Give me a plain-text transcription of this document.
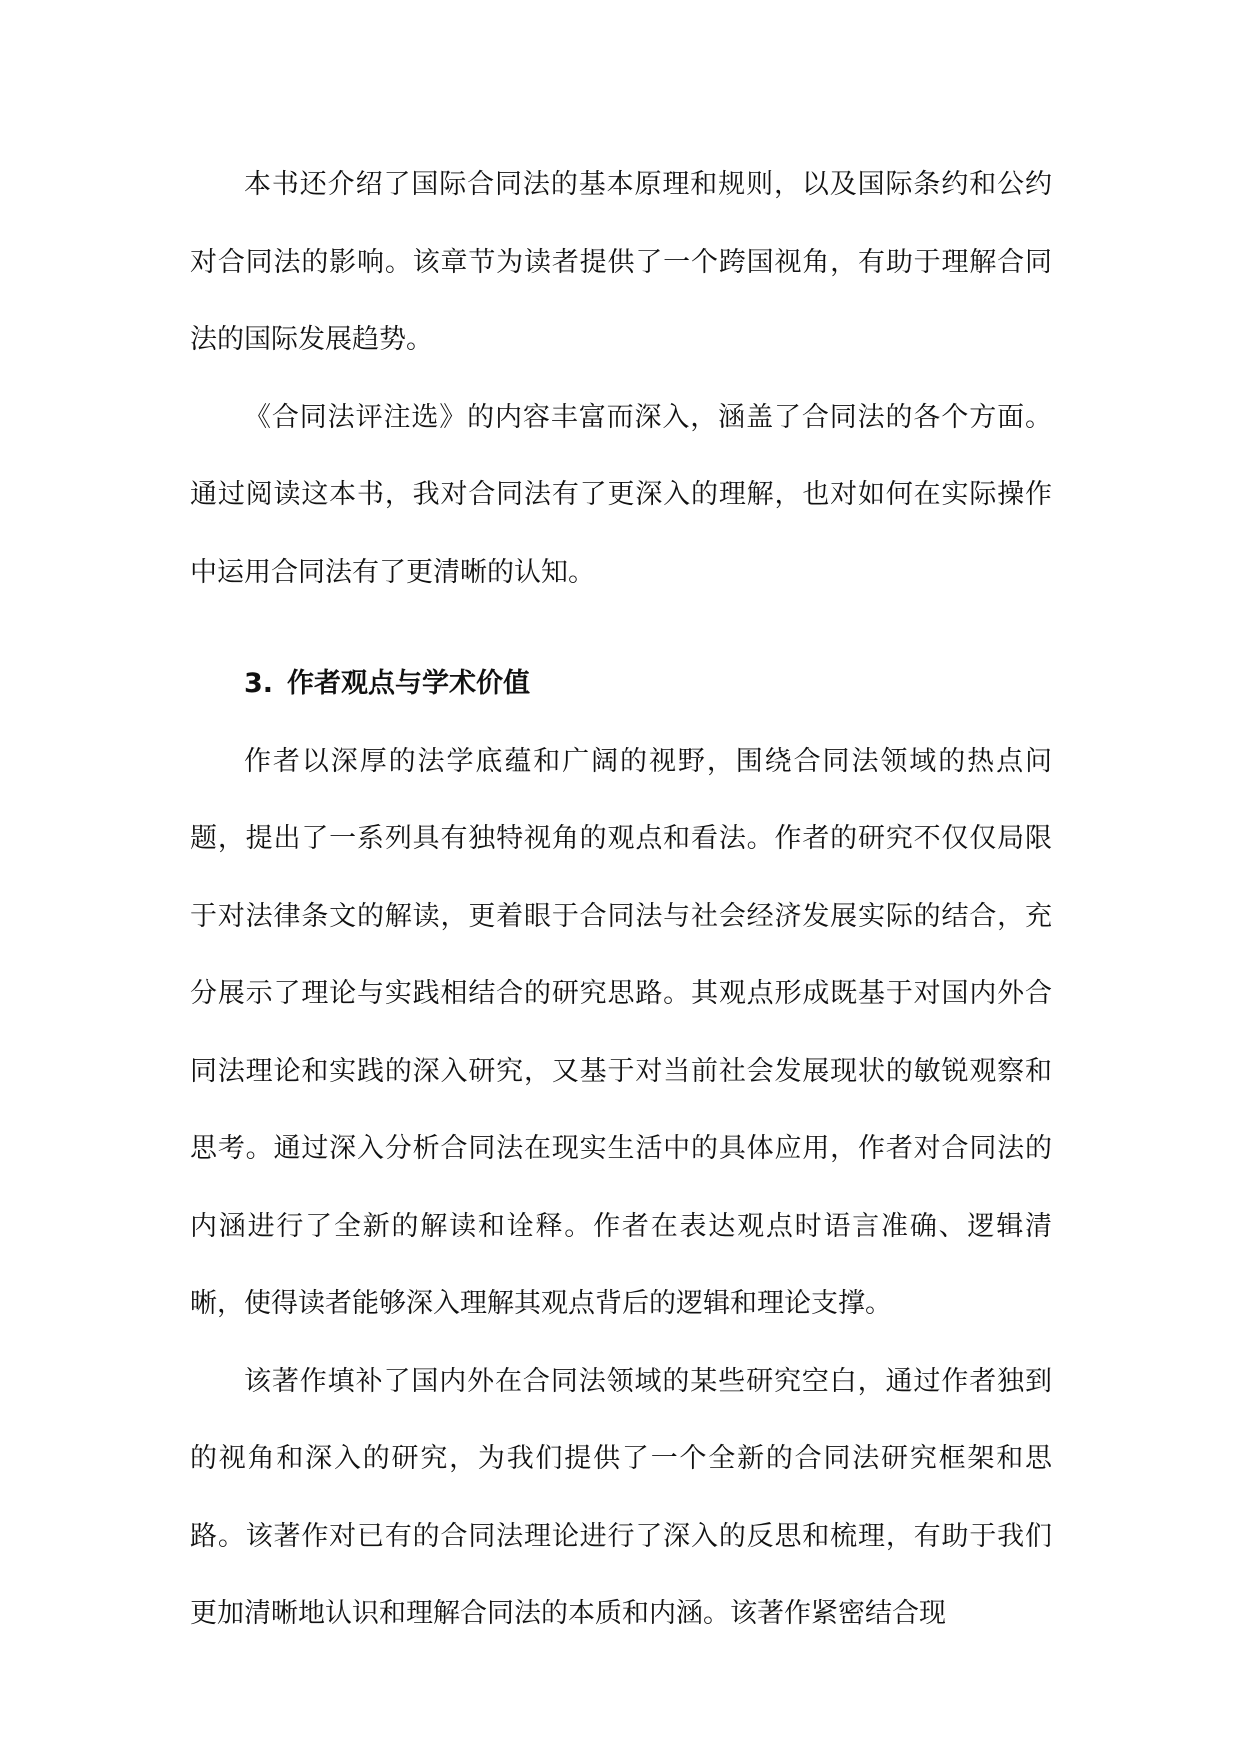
本书还介绍了国际合同法的基本原理和规则，以及国际条约和公约对合同法的影响。该章节为读者提供了一个跨国视角，有助于理解合同法的国际发展趋势。

《合同法评注选》的内容丰富而深入，涵盖了合同法的各个方面。通过阅读这本书，我对合同法有了更深入的理解，也对如何在实际操作中运用合同法有了更清晰的认知。

3. 作者观点与学术价值

作者以深厚的法学底蕴和广阔的视野，围绕合同法领域的热点问题，提出了一系列具有独特视角的观点和看法。作者的研究不仅仅局限于对法律条文的解读，更着眼于合同法与社会经济发展实际的结合，充分展示了理论与实践相结合的研究思路。其观点形成既基于对国内外合同法理论和实践的深入研究，又基于对当前社会发展现状的敏锐观察和思考。通过深入分析合同法在现实生活中的具体应用，作者对合同法的内涵进行了全新的解读和诠释。作者在表达观点时语言准确、逻辑清晰，使得读者能够深入理解其观点背后的逻辑和理论支撑。

该著作填补了国内外在合同法领域的某些研究空白，通过作者独到的视角和深入的研究，为我们提供了一个全新的合同法研究框架和思路。该著作对已有的合同法理论进行了深入的反思和梳理，有助于我们更加清晰地认识和理解合同法的本质和内涵。该著作紧密结合现
